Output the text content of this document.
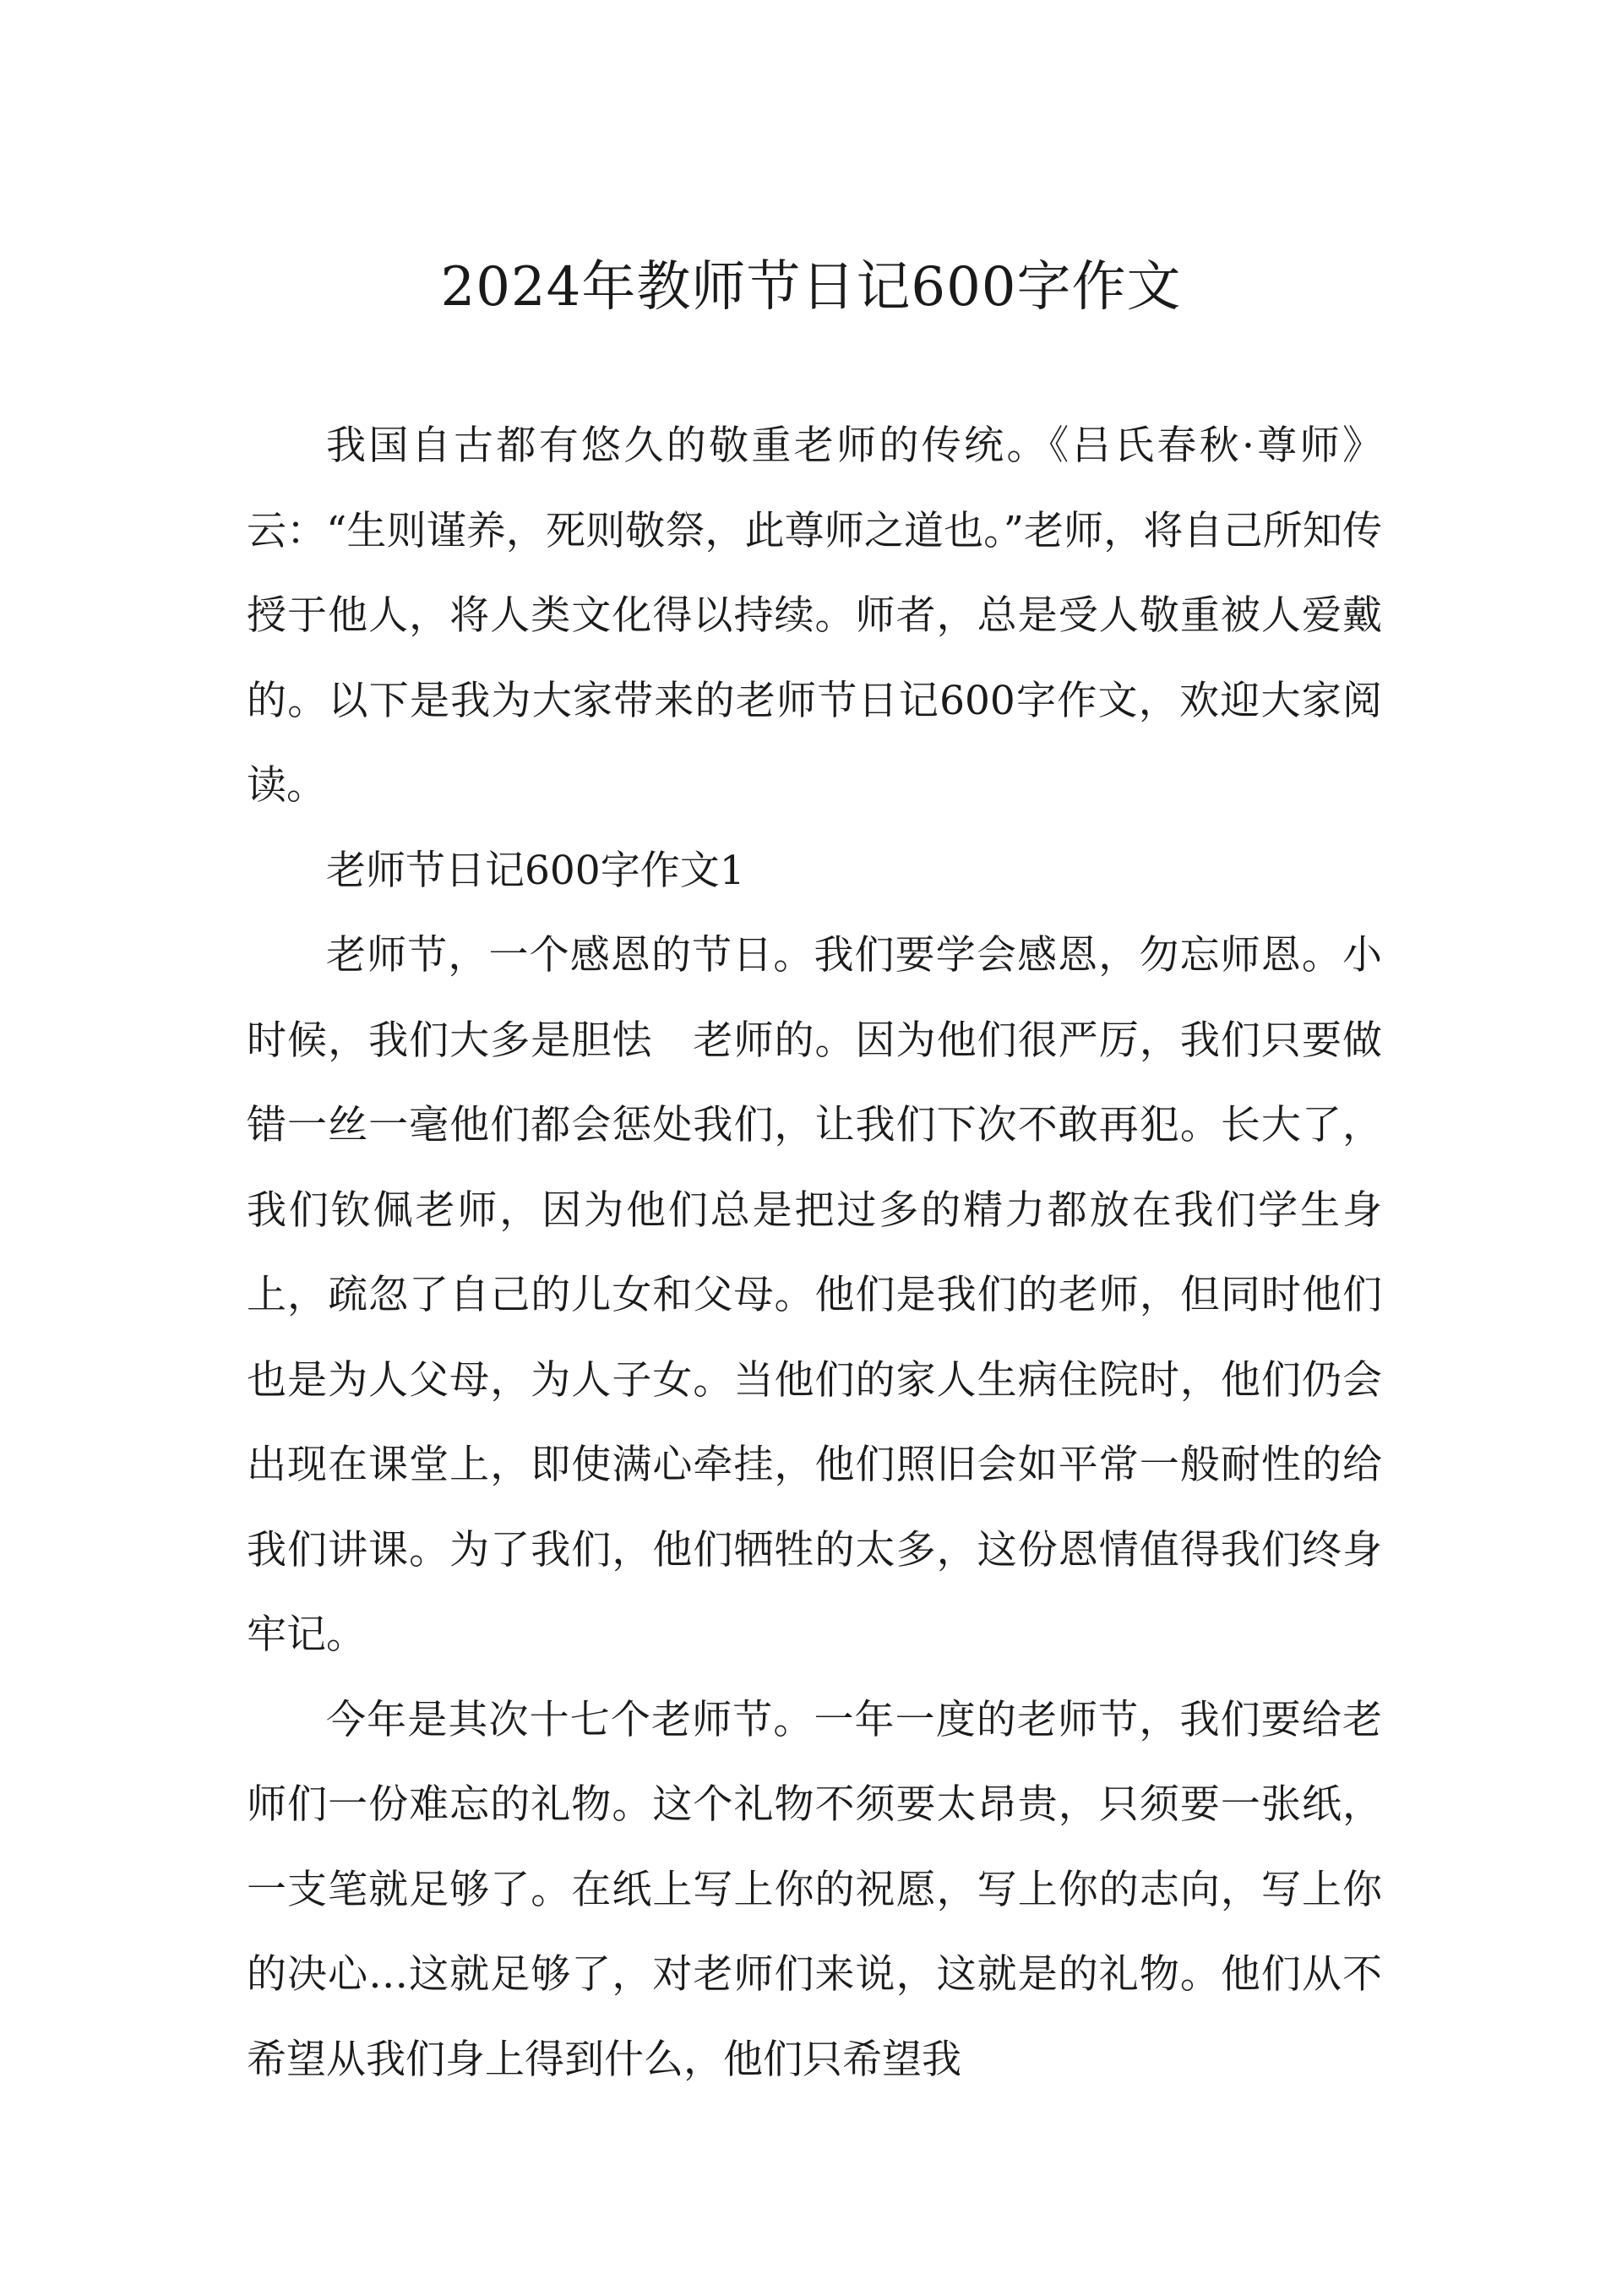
2024年教师节日记600字作文

我国自古都有悠久的敬重老师的传统。《吕氏春秋·尊师》云：“生则谨养，死则敬祭，此尊师之道也。”老师，将自己所知传授于他人，将人类文化得以持续。师者，总是受人敬重被人爱戴的。以下是我为大家带来的老师节日记600字作文，欢迎大家阅读。

老师节日记600字作文1

老师节，一个感恩的节日。我们要学会感恩，勿忘师恩。小时候，我们大多是胆怯　老师的。因为他们很严厉，我们只要做错一丝一毫他们都会惩处我们，让我们下次不敢再犯。长大了，我们钦佩老师，因为他们总是把过多的精力都放在我们学生身上，疏忽了自己的儿女和父母。他们是我们的老师，但同时他们也是为人父母，为人子女。当他们的家人生病住院时，他们仍会出现在课堂上，即使满心牵挂，他们照旧会如平常一般耐性的给我们讲课。为了我们，他们牺牲的太多，这份恩情值得我们终身牢记。

今年是其次十七个老师节。一年一度的老师节，我们要给老师们一份难忘的礼物。这个礼物不须要太昂贵，只须要一张纸，一支笔就足够了。在纸上写上你的祝愿，写上你的志向，写上你的决心…这就足够了，对老师们来说，这就是的礼物。他们从不希望从我们身上得到什么，他们只希望我
